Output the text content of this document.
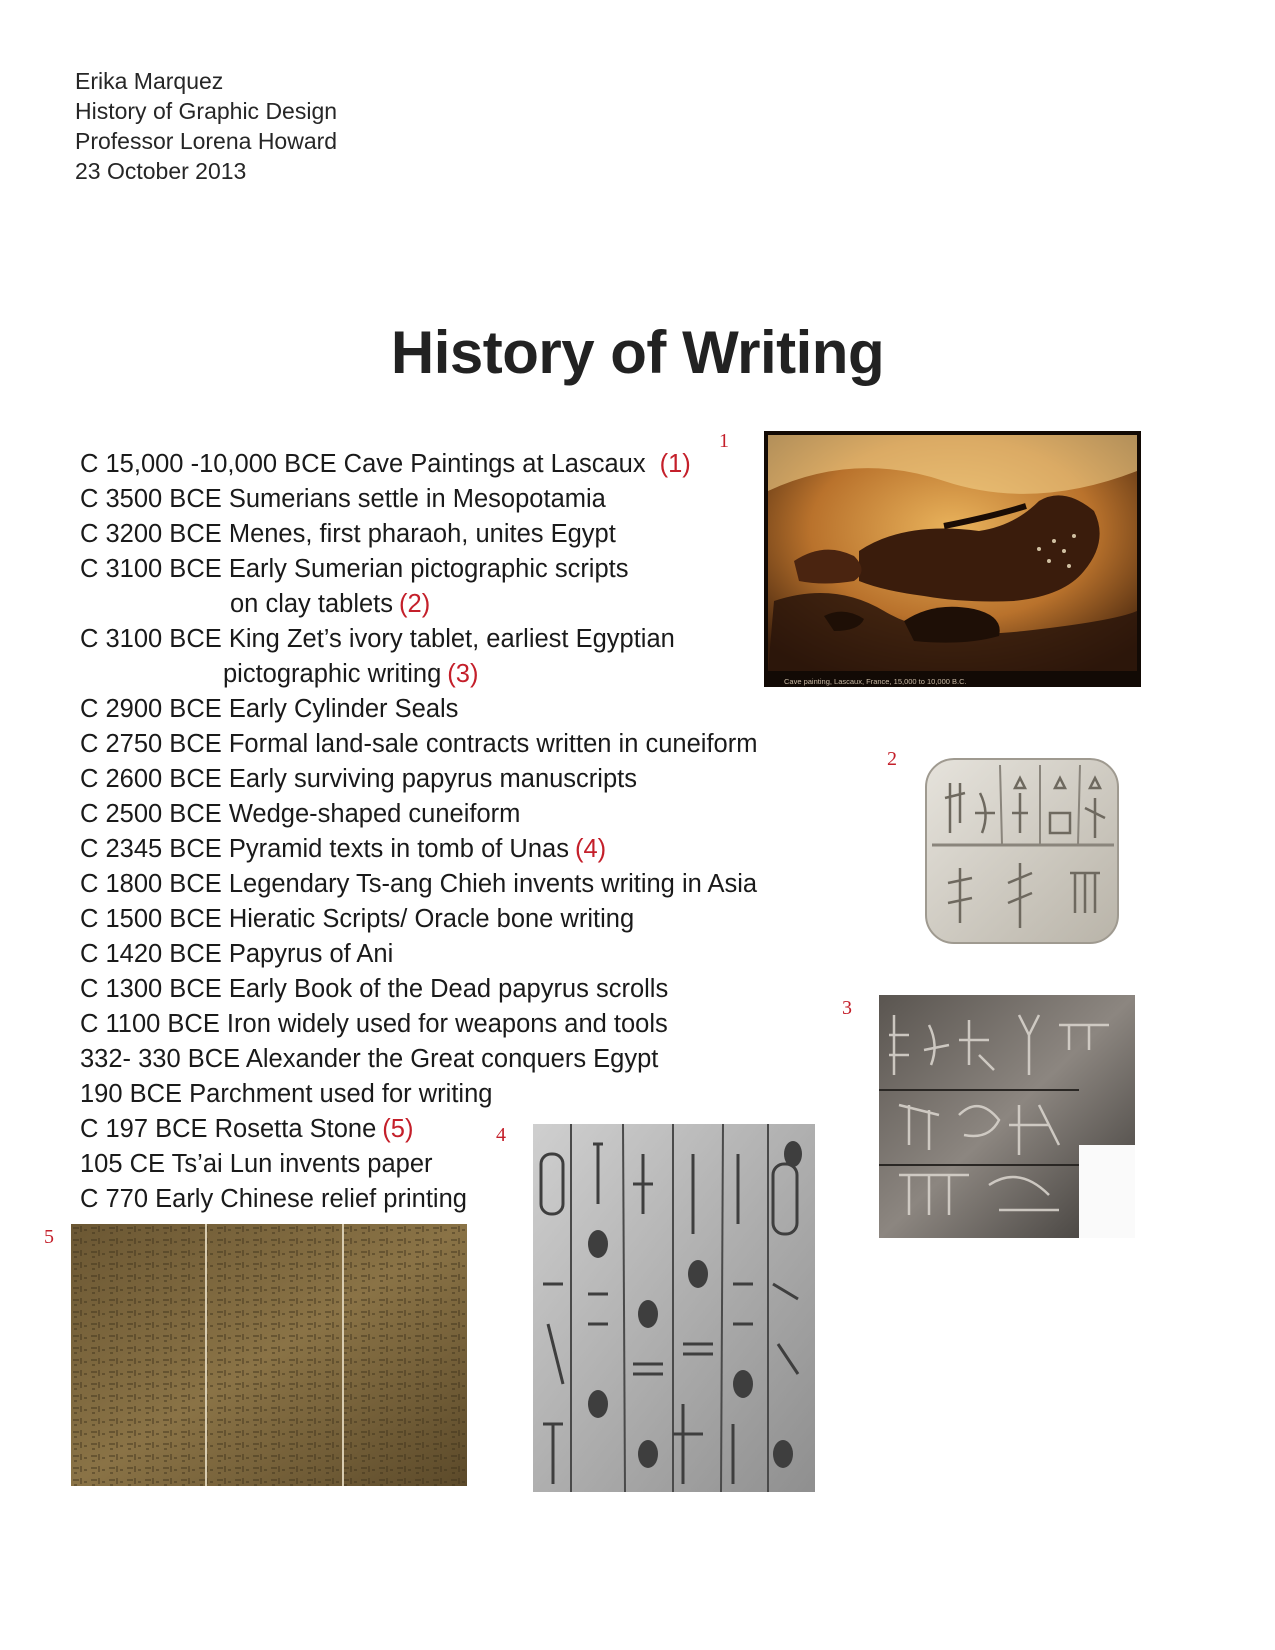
Erika Marquez
History of Graphic Design
Professor Lorena Howard
23 October 2013
History of Writing
C 15,000 -10,000 BCE Cave Paintings at Lascaux (1)
C 3500 BCE Sumerians settle in Mesopotamia
C 3200 BCE Menes, first pharaoh, unites Egypt
C 3100 BCE Early Sumerian pictographic scripts
on clay tablets (2)
C 3100 BCE King Zet’s ivory tablet, earliest Egyptian
pictographic writing (3)
C 2900 BCE Early Cylinder Seals
C 2750 BCE Formal land-sale contracts written in cuneiform
C 2600 BCE Early surviving papyrus manuscripts
C 2500 BCE Wedge-shaped cuneiform
C 2345 BCE Pyramid texts in tomb of Unas (4)
C 1800 BCE Legendary Ts-ang Chieh invents writing in Asia
C 1500 BCE Hieratic Scripts/ Oracle bone writing
C 1420 BCE Papyrus of Ani
C 1300 BCE Early Book of the Dead papyrus scrolls
C 1100 BCE Iron widely used for weapons and tools
332- 330 BCE Alexander the Great conquers Egypt
190 BCE Parchment used for writing
C 197 BCE Rosetta Stone (5)
105 CE Ts’ai Lun invents paper
C 770 Early Chinese relief printing
1
2
3
4
5
Cave painting, Lascaux, France, 15,000 to 10,000 B.C.
